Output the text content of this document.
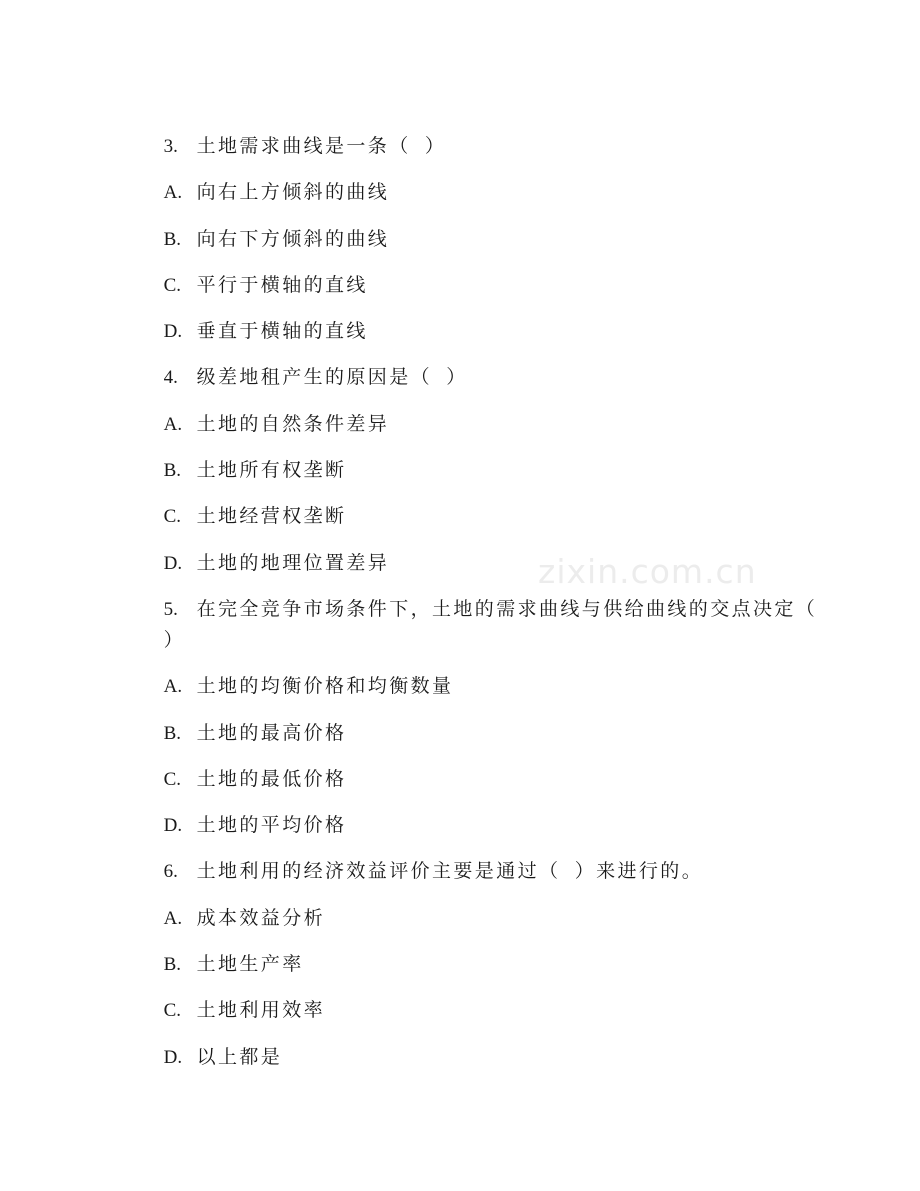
zixin.com.cn

3. 土地需求曲线是一条（  ）

A. 向右上方倾斜的曲线

B. 向右下方倾斜的曲线

C. 平行于横轴的直线

D. 垂直于横轴的直线

4. 级差地租产生的原因是（  ）

A. 土地的自然条件差异

B. 土地所有权垄断

C. 土地经营权垄断

D. 土地的地理位置差异

5. 在完全竞争市场条件下，土地的需求曲线与供给曲线的交点决定（

）

A. 土地的均衡价格和均衡数量

B. 土地的最高价格

C. 土地的最低价格

D. 土地的平均价格

6. 土地利用的经济效益评价主要是通过（  ）来进行的。

A. 成本效益分析

B. 土地生产率

C. 土地利用效率

D. 以上都是
